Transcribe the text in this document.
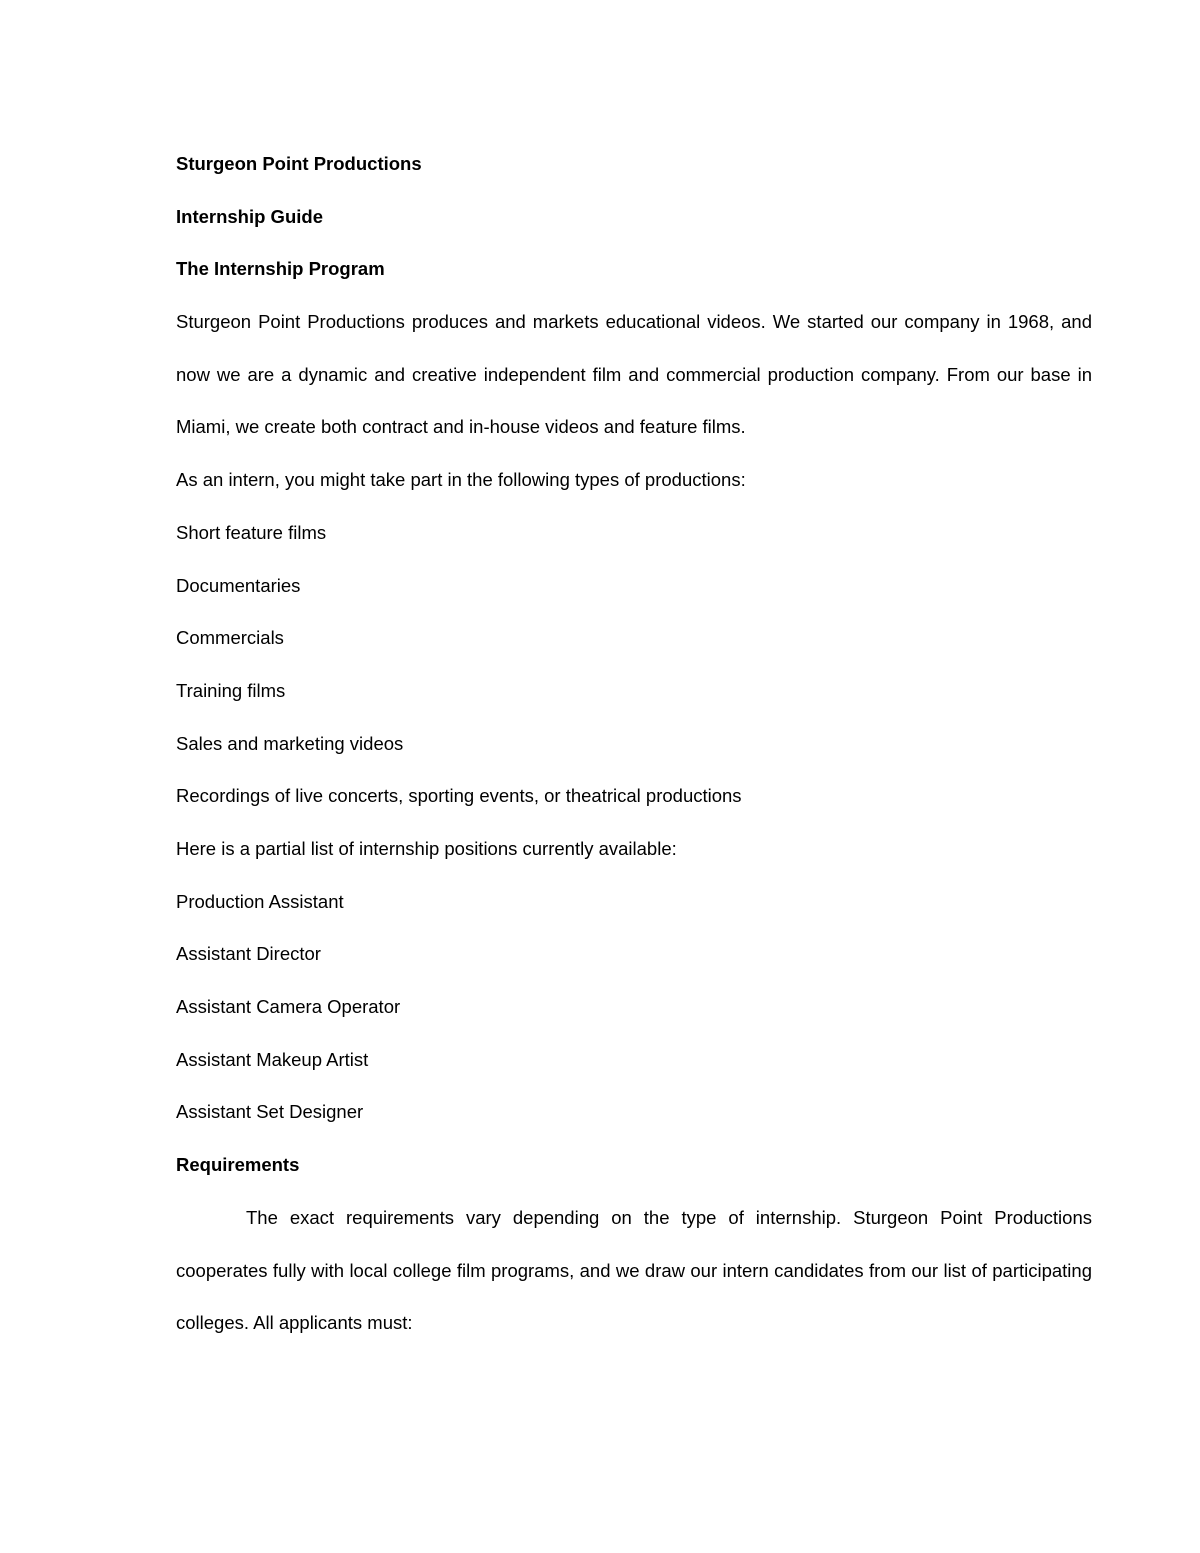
Sturgeon Point Productions
Internship Guide
The Internship Program
Sturgeon Point Productions produces and markets educational videos. We started our company in 1968, and now we are a dynamic and creative independent film and commercial production company. From our base in Miami, we create both contract and in-house videos and feature films.
As an intern, you might take part in the following types of productions:
Short feature films
Documentaries
Commercials
Training films
Sales and marketing videos
Recordings of live concerts, sporting events, or theatrical productions
Here is a partial list of internship positions currently available:
Production Assistant
Assistant Director
Assistant Camera Operator
Assistant Makeup Artist
Assistant Set Designer
Requirements
The exact requirements vary depending on the type of internship. Sturgeon Point Productions cooperates fully with local college film programs, and we draw our intern candidates from our list of participating colleges. All applicants must:
